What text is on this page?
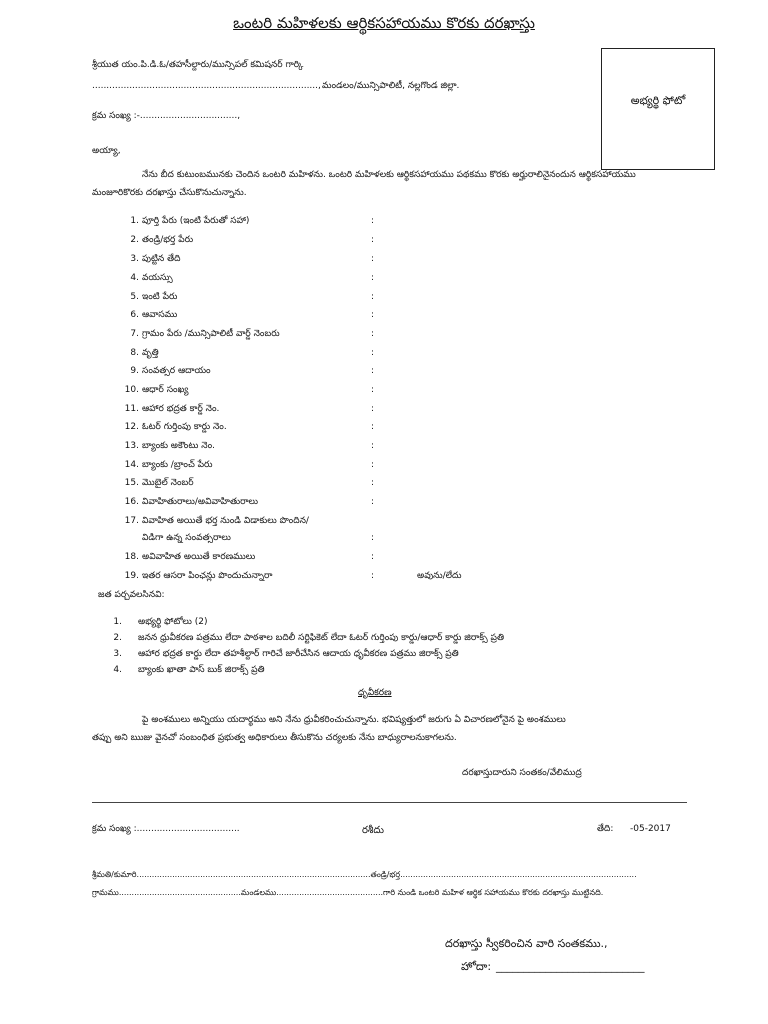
ఒంటరి మహిళలకు ఆర్థికసహాయము కొరకు దరఖాస్తు
అభ్యర్థి ఫోటో
శ్రీయుత యం.పి.డి.ఓ/తహసీల్దారు/మున్సిపల్ కమిషనర్ గార్కి
..............................................................................., మండలం/మున్సిపాలిటీ, నల్లగొండ జిల్లా.
క్రమ సంఖ్య :-..................................,
అయ్యా,
నేను బీద కుటుంబమునకు చెందిన ఒంటరి మహిళను. ఒంటరి మహిళలకు ఆర్థికసహాయము పథకము కొరకు అర్హురాలినైనందున ఆర్థికసహాయము
మంజూరికొరకు దరఖాస్తు చేసుకొనుచున్నాను.
1. పూర్తి పేరు (ఇంటి పేరుతో సహా)	:
2. తండ్రి/భర్త పేరు	:
3. పుట్టిన తేది	:
4. వయస్సు	:
5. ఇంటి పేరు	:
6. ఆవాసము	:
7. గ్రామం పేరు /మున్సిపాలిటీ వార్డ్ నెంబరు	:
8. వృత్తి	:
9. సంవత్సర ఆదాయం	:
10. ఆధార్ సంఖ్య	:
11. ఆహార భద్రత కార్డ్ నెం.	:
12. ఓటర్ గుర్తింపు కార్డు నెం.	:
13. బ్యాంకు అకౌంటు నెం.	:
14. బ్యాంకు /బ్రాంచ్ పేరు	:
15. మొబైల్ నెంబర్	:
16. వివాహితురాలు/అవివాహితురాలు	:
17. వివాహిత అయితే భర్త నుండి విడాకులు పొందిన/
విడిగా ఉన్న సంవత్సరాలు	:
18. అవివాహిత అయితే కారణములు	:
19. ఇతర ఆసరా పింఛన్లు పొందుచున్నారా	:	అవును/లేదు
జత పర్చవలసినవి:
1. అభ్యర్థి ఫోటోలు (2)
2. జనన ధ్రువీకరణ పత్రము లేదా పాఠశాల బదిలీ సర్టిఫికెట్ లేదా ఓటర్ గుర్తింపు కార్డు/ఆధార్ కార్డు జిరాక్స్ ప్రతి
3. ఆహార భద్రత కార్డు లేదా తహశీల్దార్ గారిచే జారీచేసిన ఆదాయ ధృవీకరణ పత్రము జిరాక్స్ ప్రతి
4. బ్యాంకు ఖాతా పాస్ బుక్ జిరాక్స్ ప్రతి
ధృవీకరణ
పై అంశములు అన్నియు యదార్థము అని నేను ధ్రువీకరించుచున్నాను. భవిష్యత్తులో జరుగు ఏ విచారణలోనైన పై అంశములు
తప్పు అని ఋజు వైనచో సంబంధిత ప్రభుత్వ అధికారులు తీసుకొను చర్యలకు నేను బాధ్యురాలనుకాగలను.
దరఖాస్తుదారుని సంతకం/వేలిముద్ర
క్రమ సంఖ్య :....................................	రశీదు	తేది: -05-2017
శ్రీమతి/కుమారి............................................................................................తండ్రి/భర్త.............................................................................................
గ్రామము................................................మండలము..........................................గారి నుండి ఒంటరి మహిళ ఆర్థిక సహాయము కొరకు దరఖాస్తు ముట్టినది.
దరఖాస్తు స్వీకరించిన వారి సంతకము.,
హోదా: ___________________________
